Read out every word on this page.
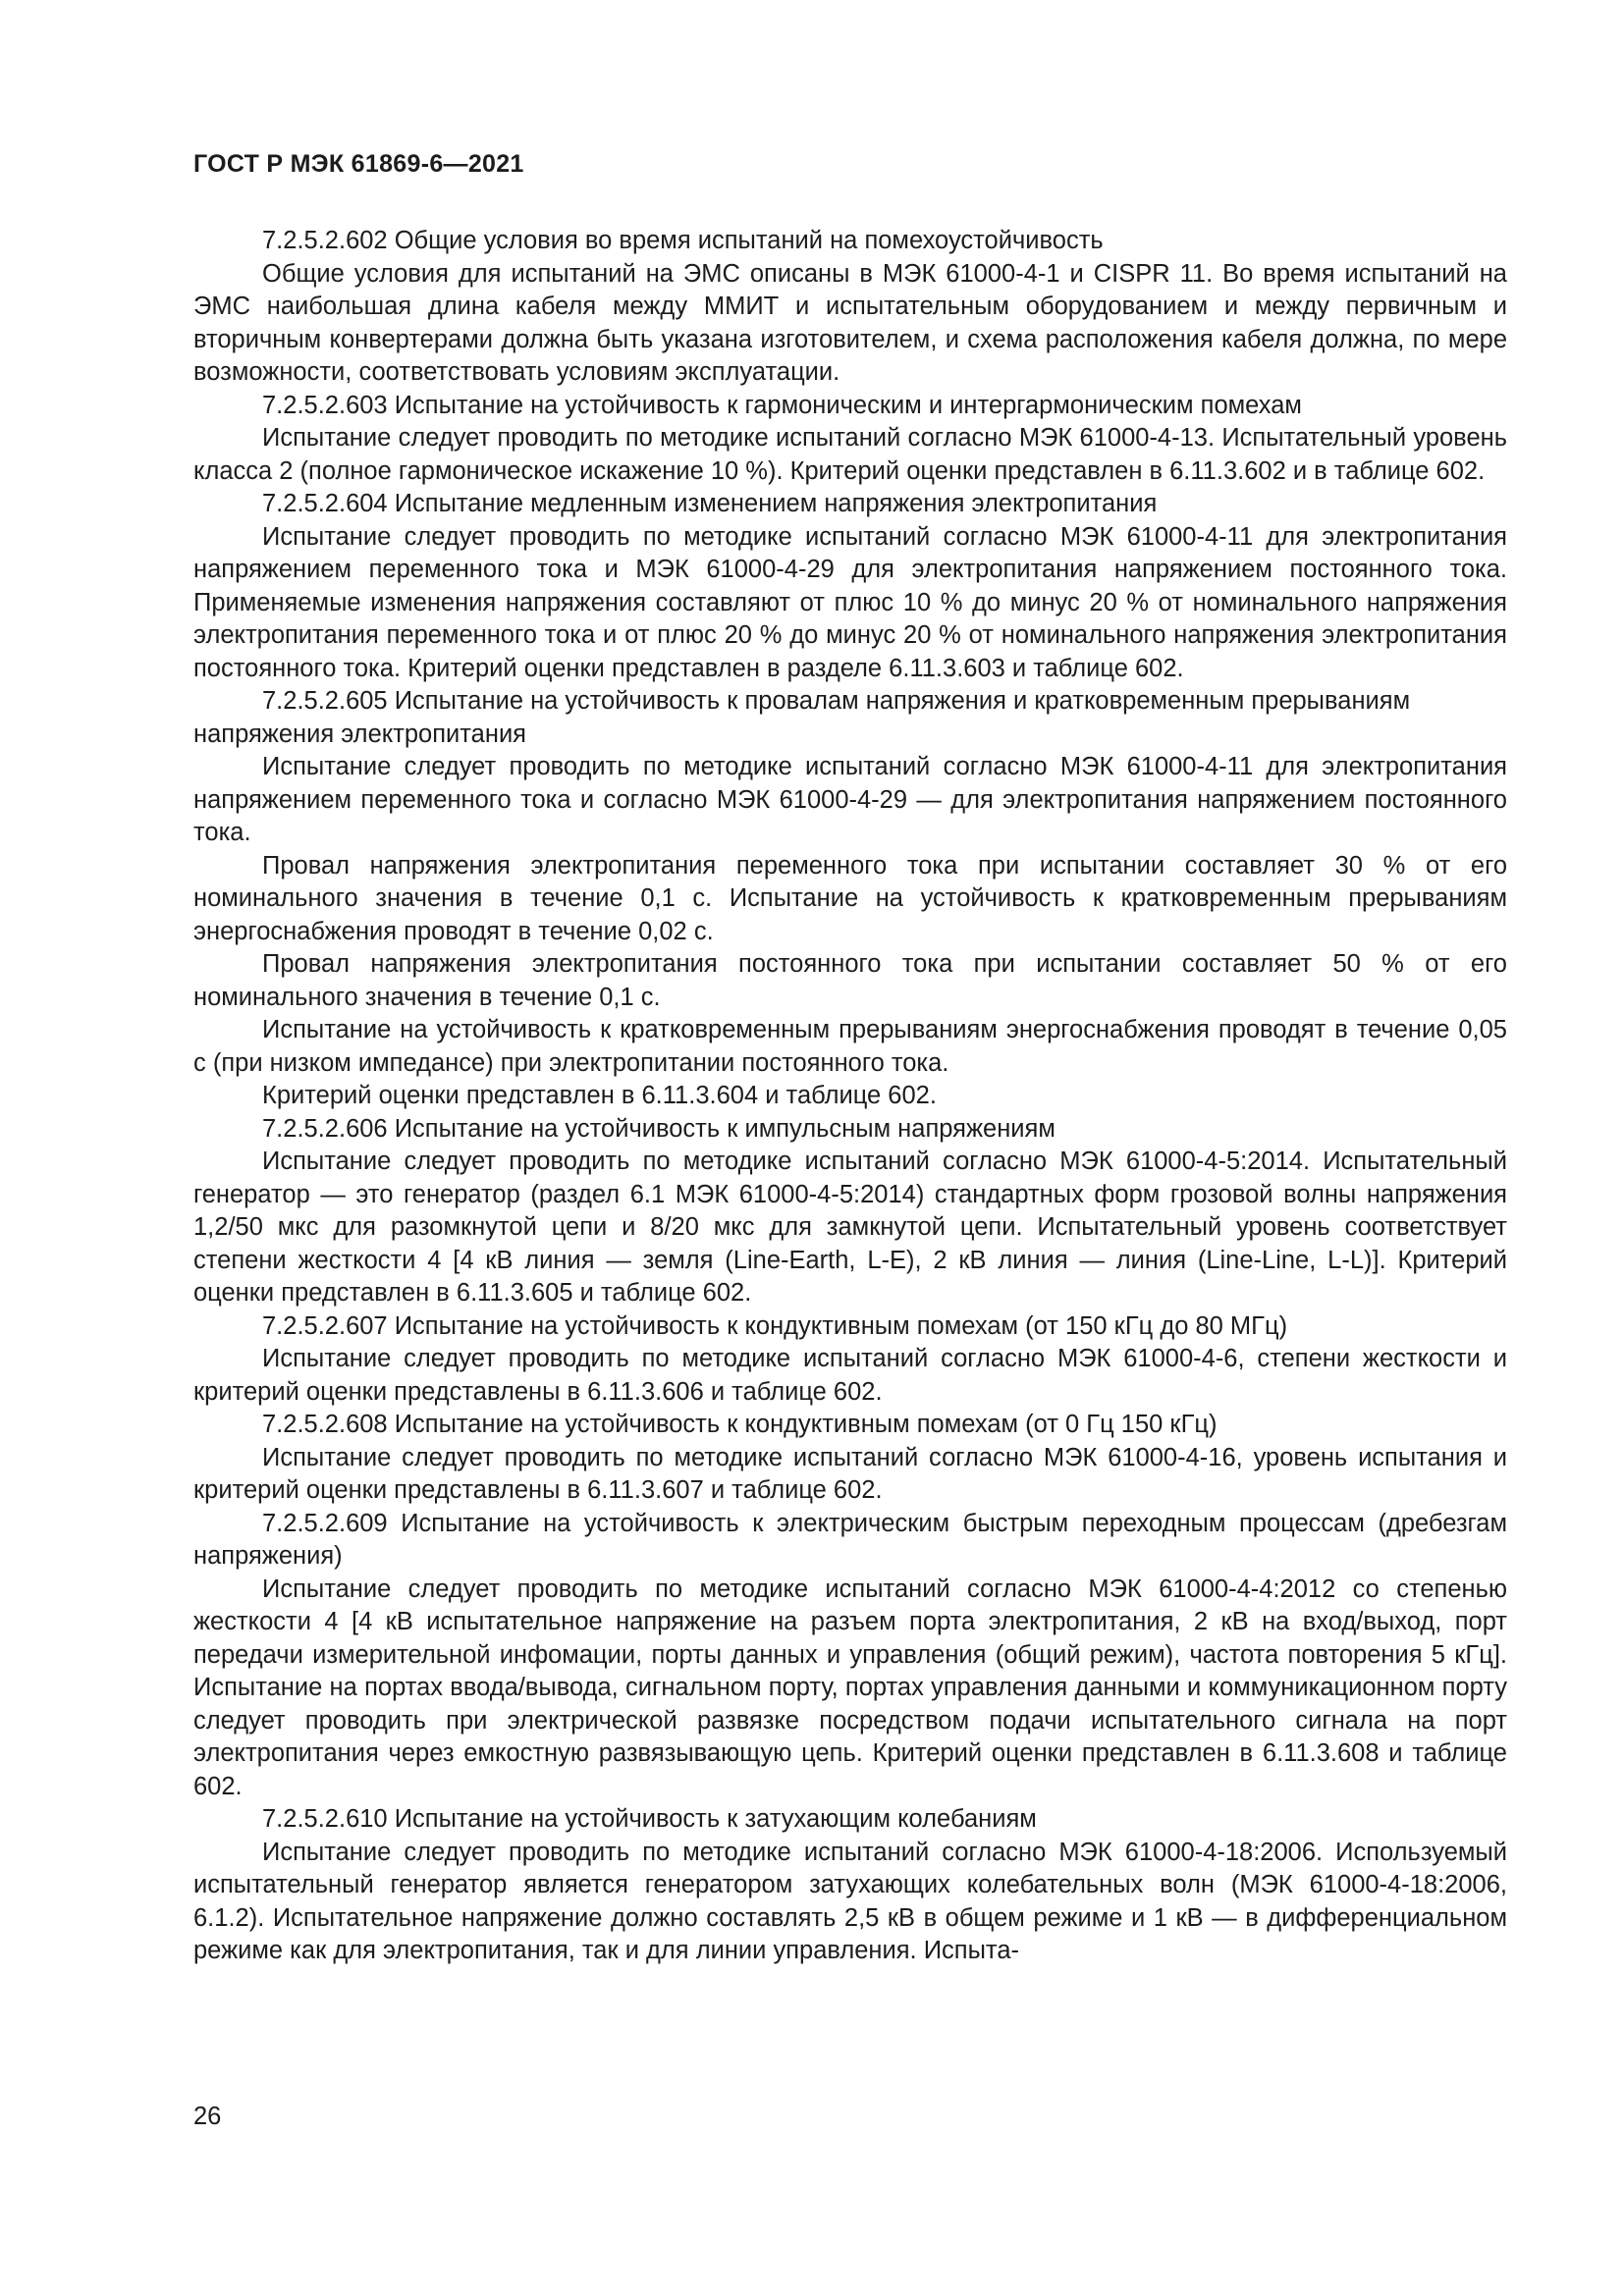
ГОСТ Р МЭК 61869-6—2021

7.2.5.2.602 Общие условия во время испытаний на помехоустойчивость

Общие условия для испытаний на ЭМС описаны в МЭК 61000-4-1 и CISPR 11. Во время испытаний на ЭМС наибольшая длина кабеля между ММИТ и испытательным оборудованием и между первичным и вторичным конвертерами должна быть указана изготовителем, и схема расположения кабеля должна, по мере возможности, соответствовать условиям эксплуатации.

7.2.5.2.603 Испытание на устойчивость к гармоническим и интергармоническим помехам

Испытание следует проводить по методике испытаний согласно МЭК 61000-4-13. Испытательный уровень класса 2 (полное гармоническое искажение 10 %). Критерий оценки представлен в 6.11.3.602 и в таблице 602.

7.2.5.2.604 Испытание медленным изменением напряжения электропитания

Испытание следует проводить по методике испытаний согласно МЭК 61000-4-11 для электропитания напряжением переменного тока и МЭК 61000-4-29 для электропитания напряжением постоянного тока. Применяемые изменения напряжения составляют от плюс 10 % до минус 20 % от номинального напряжения электропитания переменного тока и от плюс 20 % до минус 20 % от номинального напряжения электропитания постоянного тока. Критерий оценки представлен в разделе 6.11.3.603 и таблице 602.

7.2.5.2.605 Испытание на устойчивость к провалам напряжения и кратковременным прерываниям напряжения электропитания

Испытание следует проводить по методике испытаний согласно МЭК 61000-4-11 для электропитания напряжением переменного тока и согласно МЭК 61000-4-29 — для электропитания напряжением постоянного тока.

Провал напряжения электропитания переменного тока при испытании составляет 30 % от его номинального значения в течение 0,1 с. Испытание на устойчивость к кратковременным прерываниям энергоснабжения проводят в течение 0,02 с.

Провал напряжения электропитания постоянного тока при испытании составляет 50 % от его номинального значения в течение 0,1 с.

Испытание на устойчивость к кратковременным прерываниям энергоснабжения проводят в течение 0,05 с (при низком импедансе) при электропитании постоянного тока.

Критерий оценки представлен в 6.11.3.604 и таблице 602.

7.2.5.2.606 Испытание на устойчивость к импульсным напряжениям

Испытание следует проводить по методике испытаний согласно МЭК 61000-4-5:2014. Испытательный генератор — это генератор (раздел 6.1 МЭК 61000-4-5:2014) стандартных форм грозовой волны напряжения 1,2/50 мкс для разомкнутой цепи и 8/20 мкс для замкнутой цепи. Испытательный уровень соответствует степени жесткости 4 [4 кВ линия — земля (Line-Earth, L-E), 2 кВ линия — линия (Line-Line, L-L)]. Критерий оценки представлен в 6.11.3.605 и таблице 602.

7.2.5.2.607 Испытание на устойчивость к кондуктивным помехам (от 150 кГц до 80 МГц)

Испытание следует проводить по методике испытаний согласно МЭК 61000-4-6, степени жесткости и критерий оценки представлены в 6.11.3.606 и таблице 602.

7.2.5.2.608 Испытание на устойчивость к кондуктивным помехам (от 0 Гц 150 кГц)

Испытание следует проводить по методике испытаний согласно МЭК 61000-4-16, уровень испытания и критерий оценки представлены в 6.11.3.607 и таблице 602.

7.2.5.2.609 Испытание на устойчивость к электрическим быстрым переходным процессам (дребезгам напряжения)

Испытание следует проводить по методике испытаний согласно МЭК 61000-4-4:2012 со степенью жесткости 4 [4 кВ испытательное напряжение на разъем порта электропитания, 2 кВ на вход/выход, порт передачи измерительной инфомации, порты данных и управления (общий режим), частота повторения 5 кГц]. Испытание на портах ввода/вывода, сигнальном порту, портах управления данными и коммуникационном порту следует проводить при электрической развязке посредством подачи испытательного сигнала на порт электропитания через емкостную развязывающую цепь. Критерий оценки представлен в 6.11.3.608 и таблице 602.

7.2.5.2.610 Испытание на устойчивость к затухающим колебаниям

Испытание следует проводить по методике испытаний согласно МЭК 61000-4-18:2006. Используемый испытательный генератор является генератором затухающих колебательных волн (МЭК 61000-4-18:2006, 6.1.2). Испытательное напряжение должно составлять 2,5 кВ в общем режиме и 1 кВ — в дифференциальном режиме как для электропитания, так и для линии управления. Испыта-

26
